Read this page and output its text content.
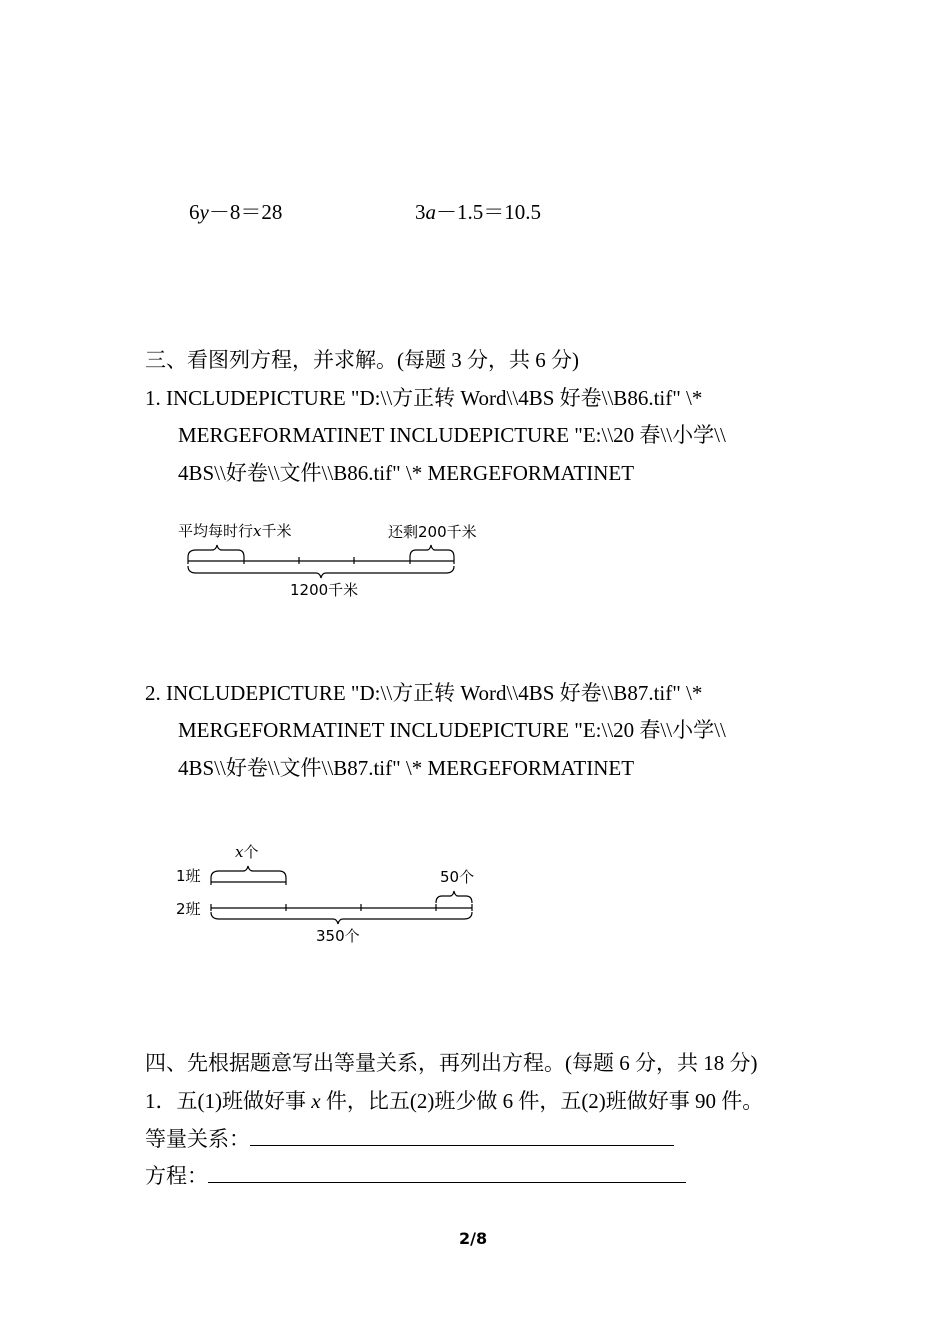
6y－8＝28	3a－1.5＝10.5
三、看图列方程，并求解。(每题 3 分，共 6 分)
1. INCLUDEPICTURE "D:\\方正转 Word\\4BS 好卷\\B86.tif" \*
MERGEFORMATINET INCLUDEPICTURE "E:\\20 春\\小学\\
4BS\\好卷\\文件\\B86.tif" \* MERGEFORMATINET
平均每时行x千米	还剩200千米
1200千米
2. INCLUDEPICTURE "D:\\方正转 Word\\4BS 好卷\\B87.tif" \*
MERGEFORMATINET INCLUDEPICTURE "E:\\20 春\\小学\\
4BS\\好卷\\文件\\B87.tif" \* MERGEFORMATINET
x个
1班	50个
2班
350个
四、先根据题意写出等量关系，再列出方程。(每题 6 分，共 18 分)
1．五(1)班做好事 x 件，比五(2)班少做 6 件，五(2)班做好事 90 件。
等量关系：
方程：
2/8
